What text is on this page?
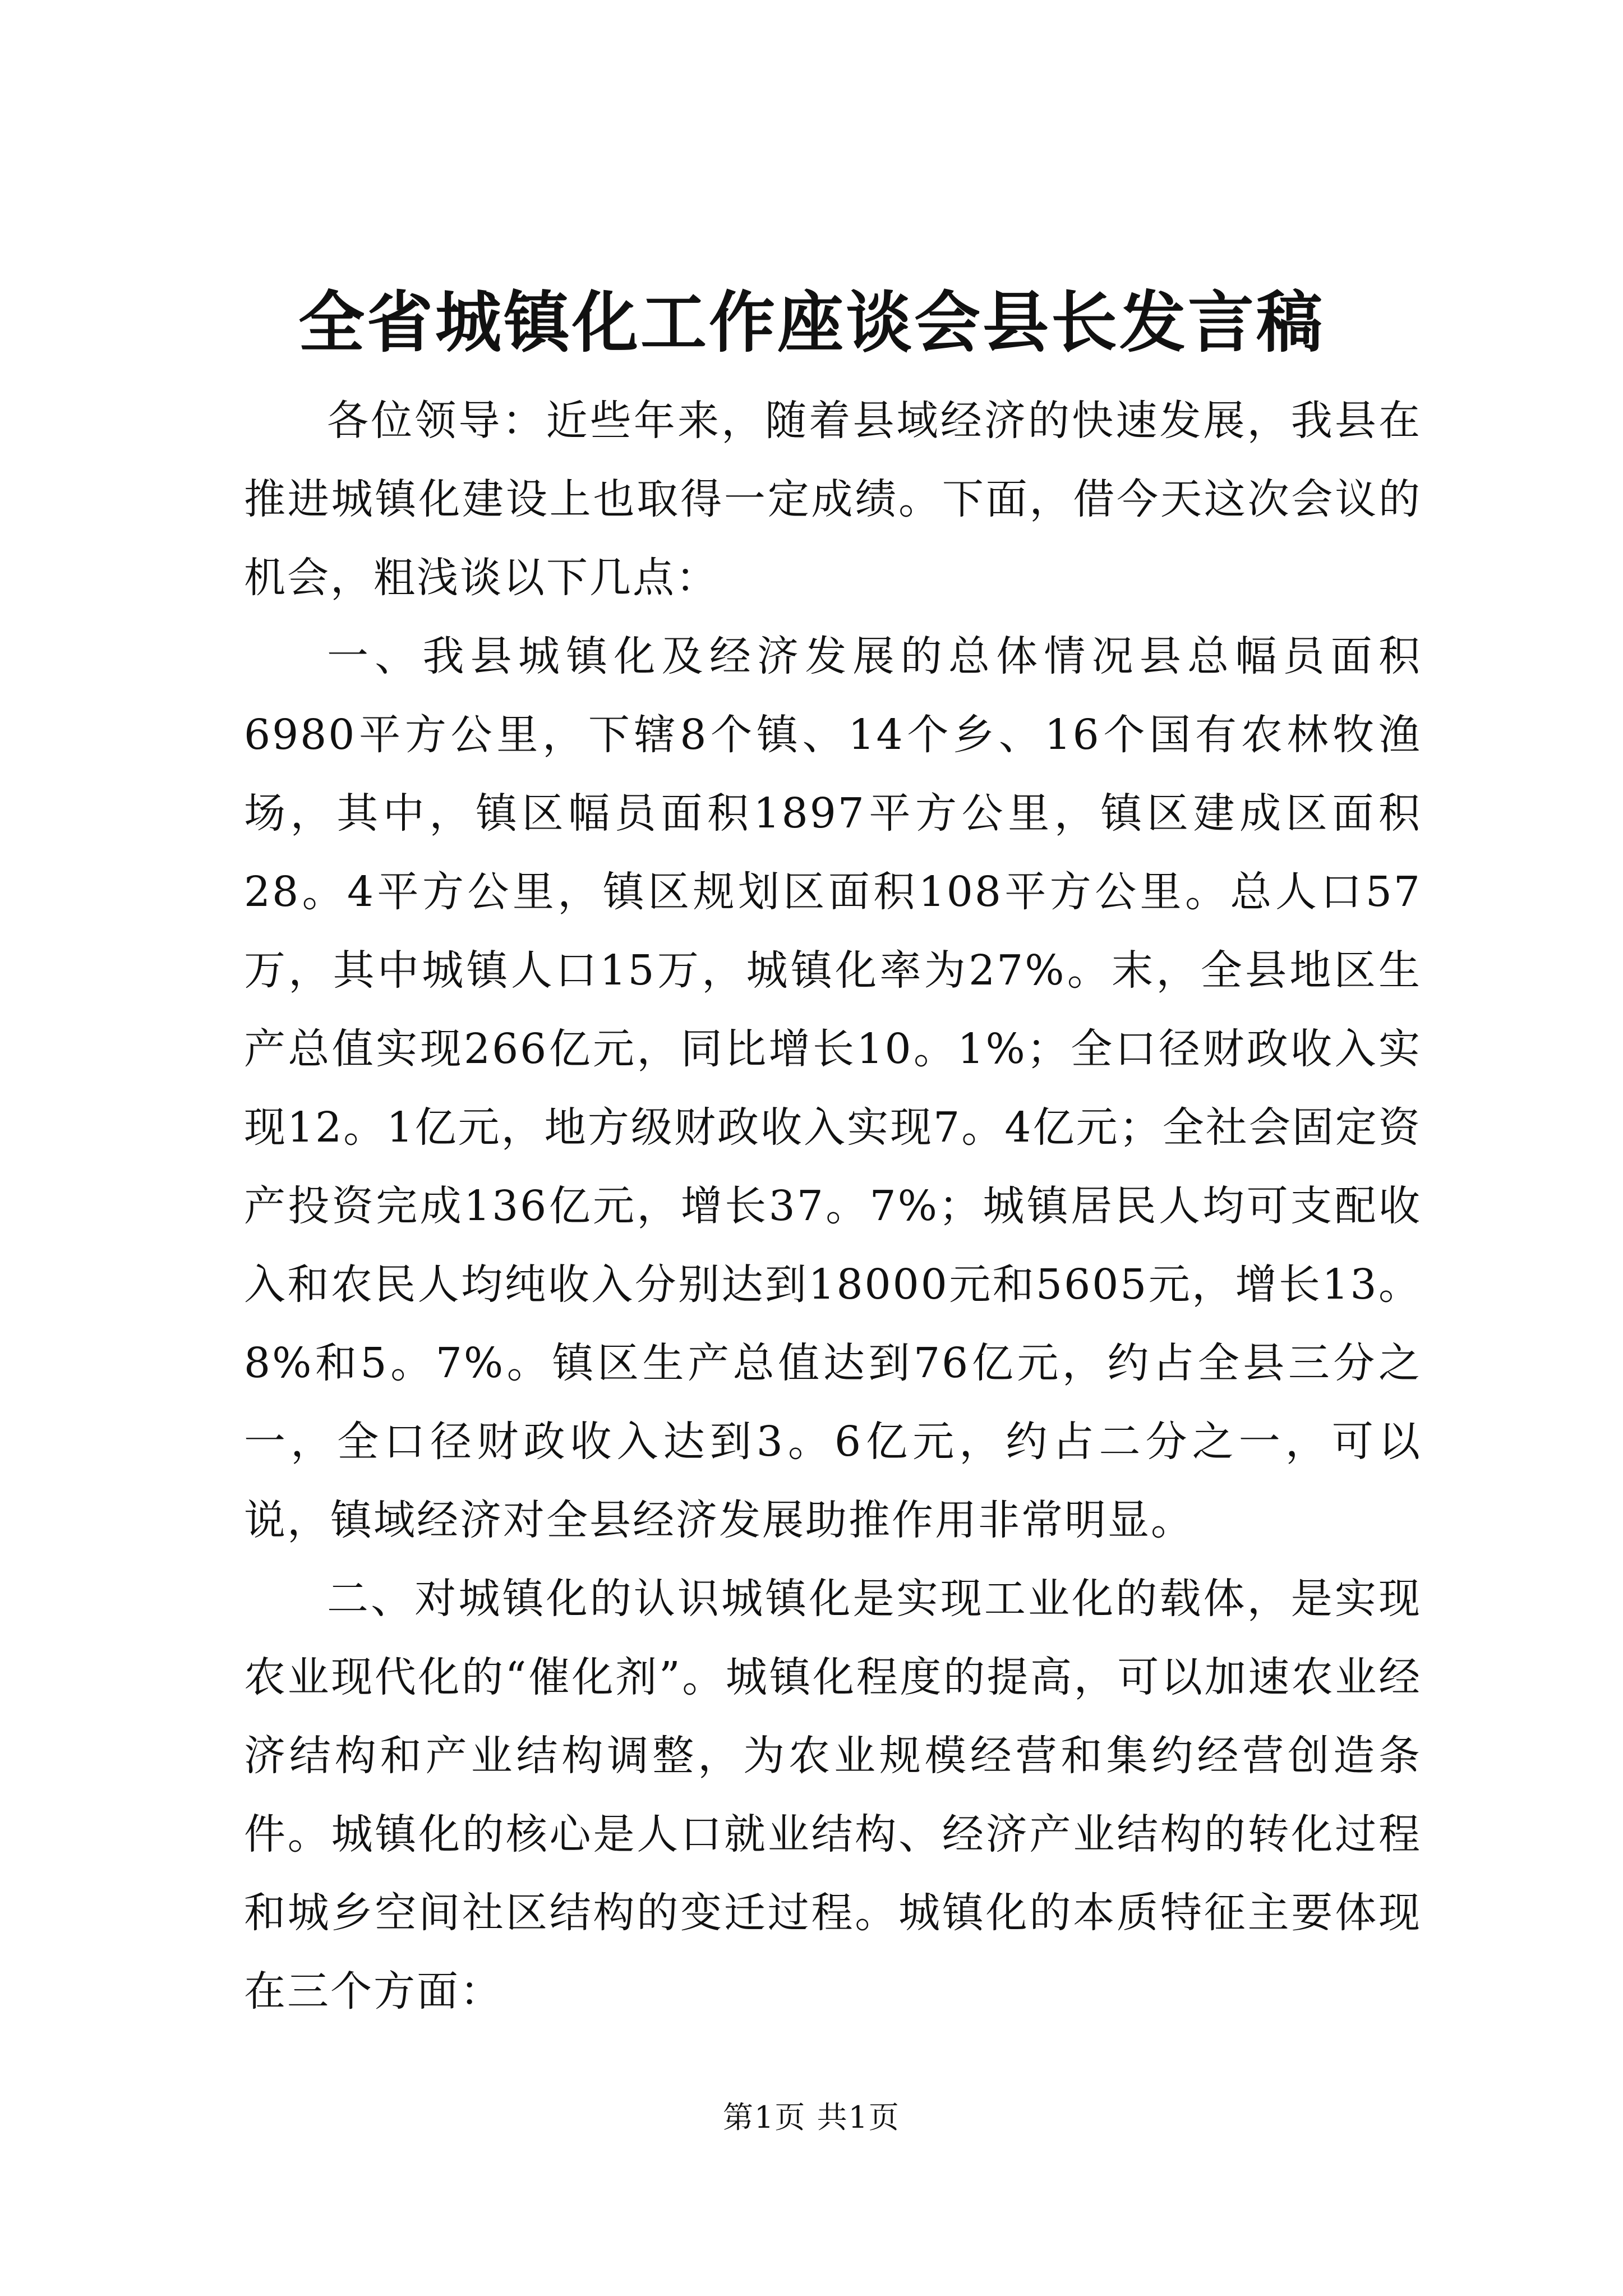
全省城镇化工作座谈会县长发言稿

各位领导：近些年来，随着县域经济的快速发展，我县在推进城镇化建设上也取得一定成绩。下面，借今天这次会议的机会，粗浅谈以下几点：

一、我县城镇化及经济发展的总体情况县总幅员面积6980平方公里，下辖8个镇、14个乡、16个国有农林牧渔场，其中，镇区幅员面积1897平方公里，镇区建成区面积28。4平方公里，镇区规划区面积108平方公里。总人口57万，其中城镇人口15万，城镇化率为27%。末，全县地区生产总值实现266亿元，同比增长10。1%；全口径财政收入实现12。1亿元，地方级财政收入实现7。4亿元；全社会固定资产投资完成136亿元，增长37。7%；城镇居民人均可支配收入和农民人均纯收入分别达到18000元和5605元，增长13。8%和5。7%。镇区生产总值达到76亿元，约占全县三分之一，全口径财政收入达到3。6亿元，约占二分之一，可以说，镇域经济对全县经济发展助推作用非常明显。

二、对城镇化的认识城镇化是实现工业化的载体，是实现农业现代化的“催化剂”。城镇化程度的提高，可以加速农业经济结构和产业结构调整，为农业规模经营和集约经营创造条件。城镇化的核心是人口就业结构、经济产业结构的转化过程和城乡空间社区结构的变迁过程。城镇化的本质特征主要体现在三个方面：

第1页 共1页
